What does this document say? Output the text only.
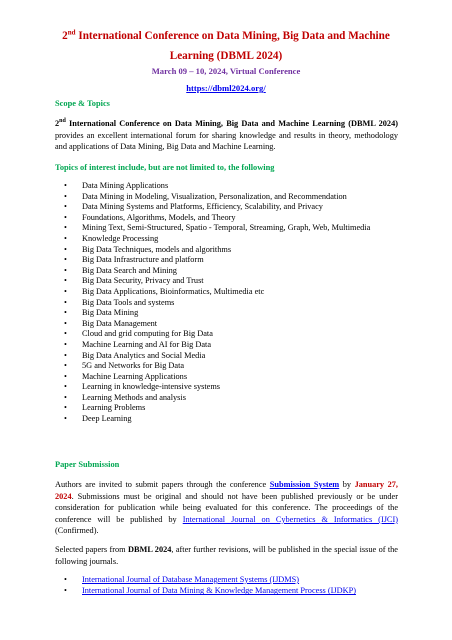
2nd International Conference on Data Mining, Big Data and Machine Learning (DBML 2024)
March 09 – 10, 2024, Virtual Conference
https://dbml2024.org/
Scope & Topics
2nd International Conference on Data Mining, Big Data and Machine Learning (DBML 2024) provides an excellent international forum for sharing knowledge and results in theory, methodology and applications of Data Mining, Big Data and Machine Learning.
Topics of interest include, but are not limited to, the following
• Data Mining Applications
• Data Mining in Modeling, Visualization, Personalization, and Recommendation
• Data Mining Systems and Platforms, Efficiency, Scalability, and Privacy
• Foundations, Algorithms, Models, and Theory
• Mining Text, Semi-Structured, Spatio - Temporal, Streaming, Graph, Web, Multimedia
• Knowledge Processing
• Big Data Techniques, models and algorithms
• Big Data Infrastructure and platform
• Big Data Search and Mining
• Big Data Security, Privacy and Trust
• Big Data Applications, Bioinformatics, Multimedia etc
• Big Data Tools and systems
• Big Data Mining
• Big Data Management
• Cloud and grid computing for Big Data
• Machine Learning and AI for Big Data
• Big Data Analytics and Social Media
• 5G and Networks for Big Data
• Machine Learning Applications
• Learning in knowledge-intensive systems
• Learning Methods and analysis
• Learning Problems
• Deep Learning
Paper Submission
Authors are invited to submit papers through the conference Submission System by January 27, 2024. Submissions must be original and should not have been published previously or be under consideration for publication while being evaluated for this conference. The proceedings of the conference will be published by International Journal on Cybernetics & Informatics (IJCI) (Confirmed).
Selected papers from DBML 2024, after further revisions, will be published in the special issue of the following journals.
• International Journal of Database Management Systems (IJDMS)
• International Journal of Data Mining & Knowledge Management Process (IJDKP)
